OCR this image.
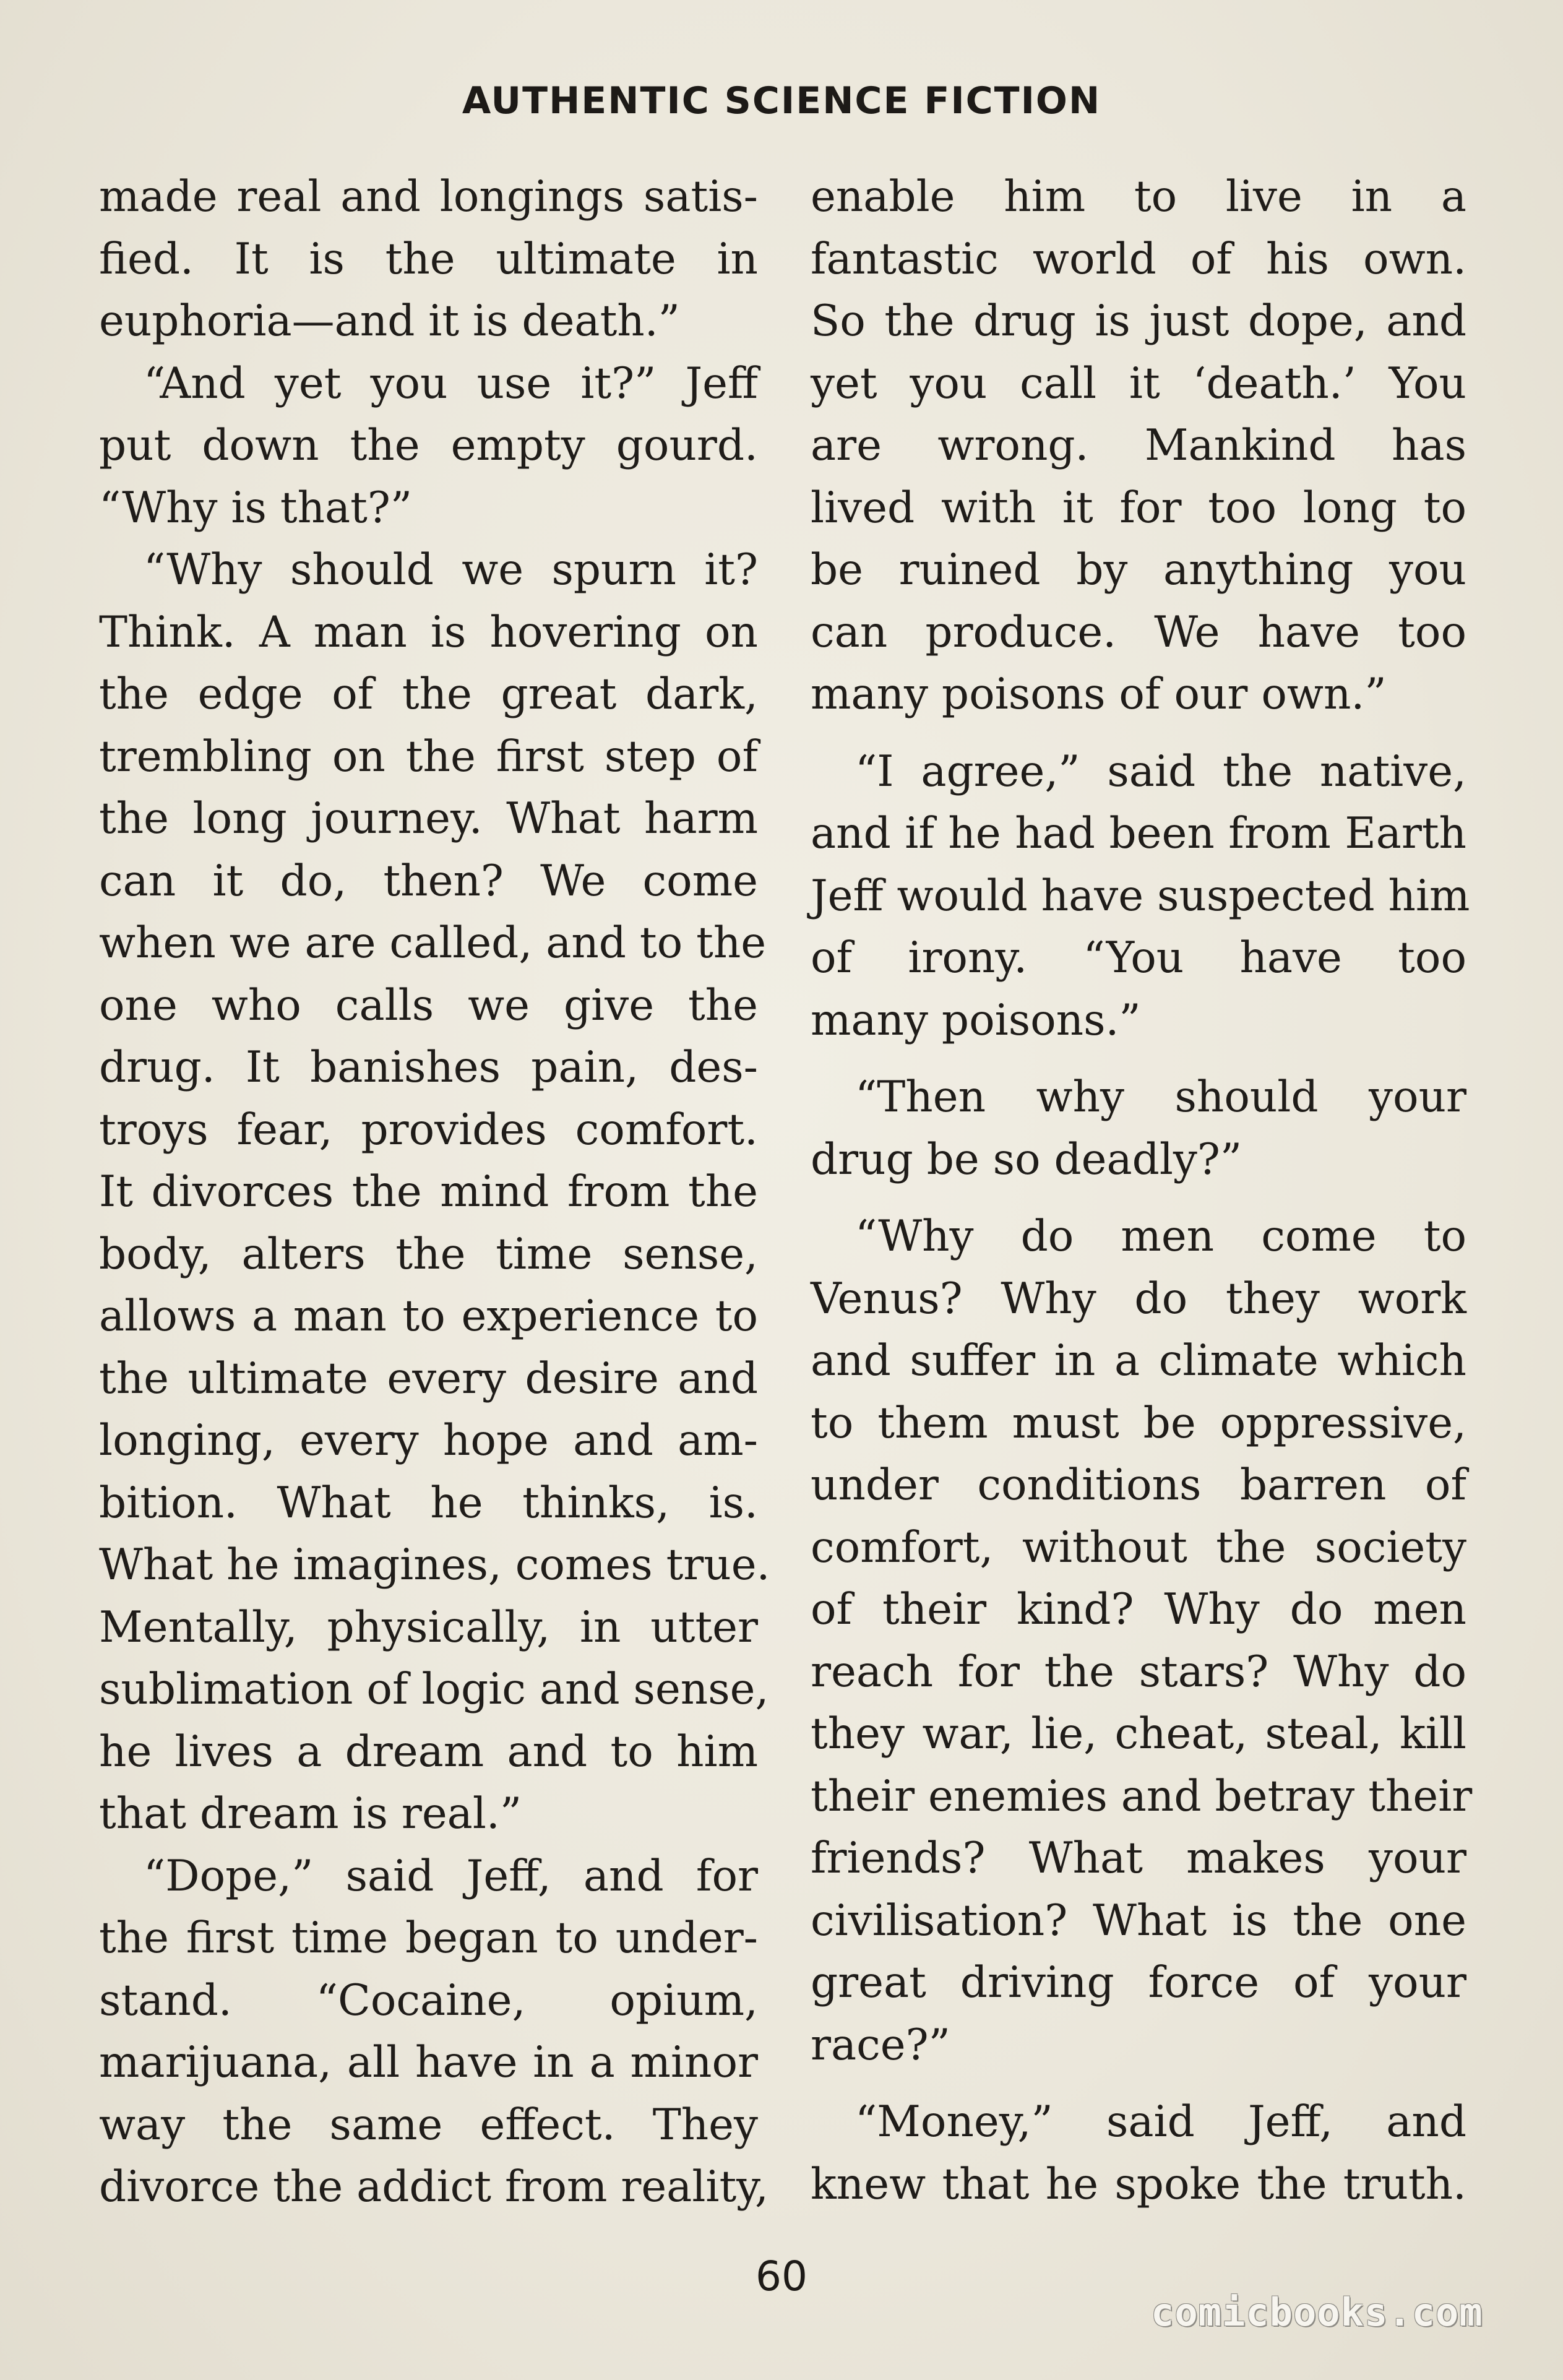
AUTHENTIC SCIENCE FICTION
made real and longings satis-
fied. It is the ultimate in
euphoria—and it is death.”
“And yet you use it?” Jeff
put down the empty gourd.
“Why is that?”
“Why should we spurn it?
Think. A man is hovering on
the edge of the great dark,
trembling on the first step of
the long journey. What harm
can it do, then? We come
when we are called, and to the
one who calls we give the
drug. It banishes pain, des-
troys fear, provides comfort.
It divorces the mind from the
body, alters the time sense,
allows a man to experience to
the ultimate every desire and
longing, every hope and am-
bition. What he thinks, is.
What he imagines, comes true.
Mentally, physically, in utter
sublimation of logic and sense,
he lives a dream and to him
that dream is real.”
“Dope,” said Jeff, and for
the first time began to under-
stand. “Cocaine, opium,
marijuana, all have in a minor
way the same effect. They
divorce the addict from reality,
enable him to live in a
fantastic world of his own.
So the drug is just dope, and
yet you call it ‘death.’ You
are wrong. Mankind has
lived with it for too long to
be ruined by anything you
can produce. We have too
many poisons of our own.”
“I agree,” said the native,
and if he had been from Earth
Jeff would have suspected him
of irony. “You have too
many poisons.”
“Then why should your
drug be so deadly?”
“Why do men come to
Venus? Why do they work
and suffer in a climate which
to them must be oppressive,
under conditions barren of
comfort, without the society
of their kind? Why do men
reach for the stars? Why do
they war, lie, cheat, steal, kill
their enemies and betray their
friends? What makes your
civilisation? What is the one
great driving force of your
race?”
“Money,” said Jeff, and
knew that he spoke the truth.
60
comicbooks.com
